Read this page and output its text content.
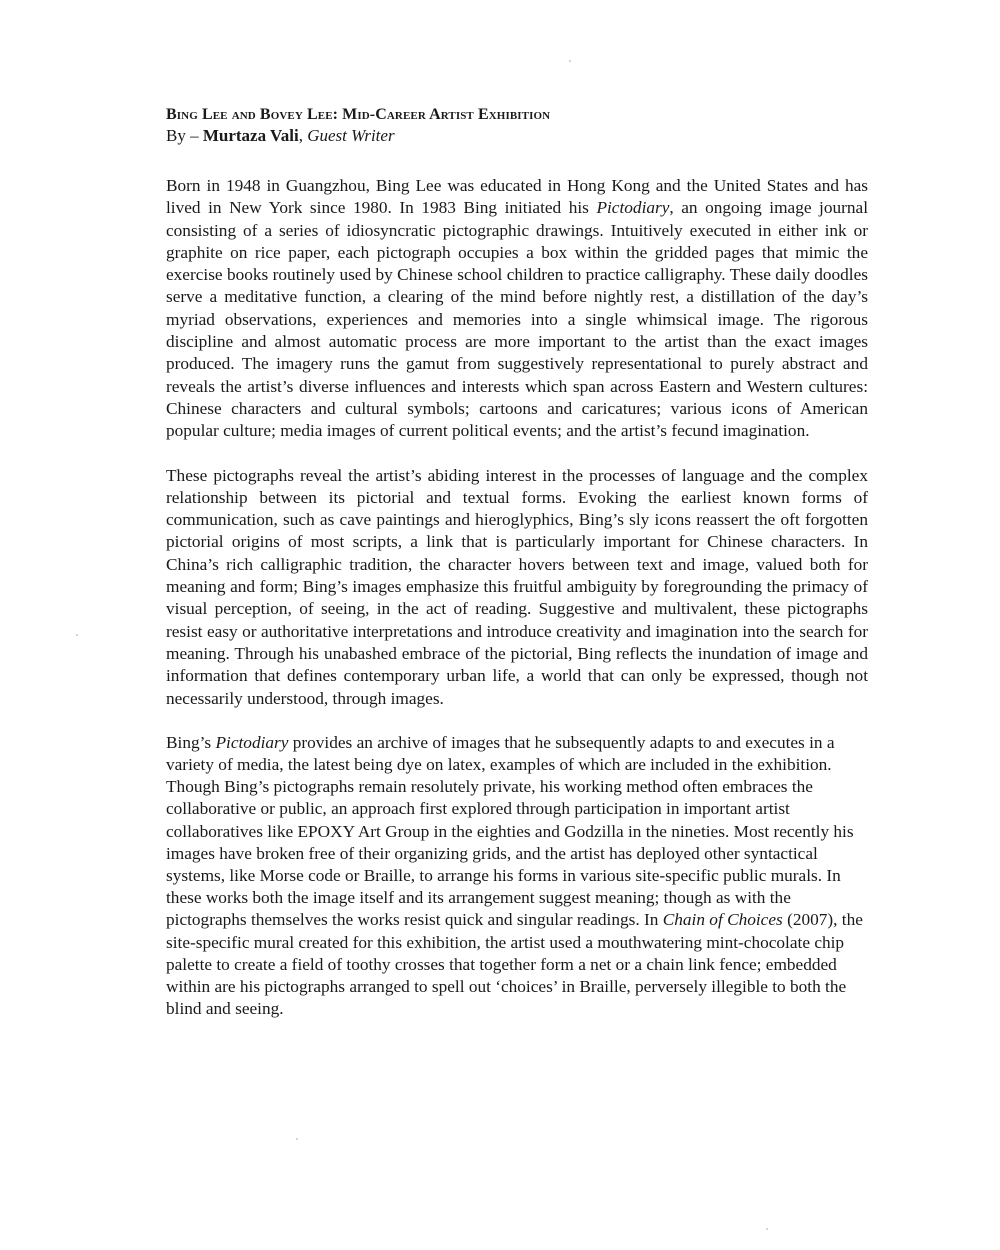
Bing Lee and Bovey Lee: Mid-Career Artist Exhibition
By – Murtaza Vali, Guest Writer

Born in 1948 in Guangzhou, Bing Lee was educated in Hong Kong and the United States and has lived in New York since 1980. In 1983 Bing initiated his Pictodiary, an ongoing image journal consisting of a series of idiosyncratic pictographic drawings. Intuitively executed in either ink or graphite on rice paper, each pictograph occupies a box within the gridded pages that mimic the exercise books routinely used by Chinese school children to practice calligraphy. These daily doodles serve a meditative function, a clearing of the mind before nightly rest, a distillation of the day’s myriad observations, experiences and memories into a single whimsical image. The rigorous discipline and almost automatic process are more important to the artist than the exact images produced. The imagery runs the gamut from suggestively representational to purely abstract and reveals the artist’s diverse influences and interests which span across Eastern and Western cultures: Chinese characters and cultural symbols; cartoons and caricatures; various icons of American popular culture; media images of current political events; and the artist’s fecund imagination.

These pictographs reveal the artist’s abiding interest in the processes of language and the complex relationship between its pictorial and textual forms. Evoking the earliest known forms of communication, such as cave paintings and hieroglyphics, Bing’s sly icons reassert the oft forgotten pictorial origins of most scripts, a link that is particularly important for Chinese characters. In China’s rich calligraphic tradition, the character hovers between text and image, valued both for meaning and form; Bing’s images emphasize this fruitful ambiguity by foregrounding the primacy of visual perception, of seeing, in the act of reading. Suggestive and multivalent, these pictographs resist easy or authoritative interpretations and introduce creativity and imagination into the search for meaning. Through his unabashed embrace of the pictorial, Bing reflects the inundation of image and information that defines contemporary urban life, a world that can only be expressed, though not necessarily understood, through images.

Bing’s Pictodiary provides an archive of images that he subsequently adapts to and executes in a variety of media, the latest being dye on latex, examples of which are included in the exhibition. Though Bing’s pictographs remain resolutely private, his working method often embraces the collaborative or public, an approach first explored through participation in important artist collaboratives like EPOXY Art Group in the eighties and Godzilla in the nineties. Most recently his images have broken free of their organizing grids, and the artist has deployed other syntactical systems, like Morse code or Braille, to arrange his forms in various site-specific public murals. In these works both the image itself and its arrangement suggest meaning; though as with the pictographs themselves the works resist quick and singular readings. In Chain of Choices (2007), the site-specific mural created for this exhibition, the artist used a mouthwatering mint-chocolate chip palette to create a field of toothy crosses that together form a net or a chain link fence; embedded within are his pictographs arranged to spell out ‘choices’ in Braille, perversely illegible to both the blind and seeing.
